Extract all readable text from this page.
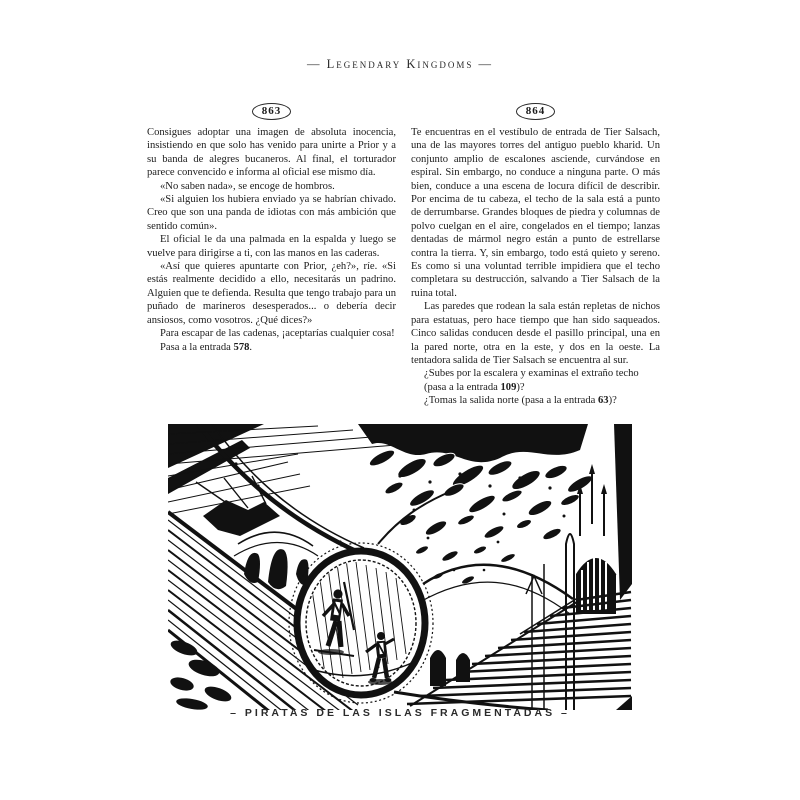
— Legendary Kingdoms —
863

Consigues adoptar una imagen de absoluta inocencia, insistiendo en que solo has venido para unirte a Prior y a su banda de alegres bucaneros. Al final, el torturador parece convencido e informa al oficial ese mismo día.

«No saben nada», se encoge de hombros.

«Si alguien los hubiera enviado ya se habrían chivado. Creo que son una panda de idiotas con más ambición que sentido común».

El oficial le da una palmada en la espalda y luego se vuelve para dirigirse a ti, con las manos en las caderas.

«Así que quieres apuntarte con Prior, ¿eh?», ríe. «Si estás realmente decidido a ello, necesitarás un padrino. Alguien que te defienda. Resulta que tengo trabajo para un puñado de marineros desesperados... o debería decir ansiosos, como vosotros. ¿Qué dices?»

Para escapar de las cadenas, ¡aceptarías cualquier cosa!

Pasa a la entrada 578.

864

Te encuentras en el vestíbulo de entrada de Tier Salsach, una de las mayores torres del antiguo pueblo kharid. Un conjunto amplio de escalones asciende, curvándose en espiral. Sin embargo, no conduce a ninguna parte. O más bien, conduce a una escena de locura difícil de describir. Por encima de tu cabeza, el techo de la sala está a punto de derrumbarse. Grandes bloques de piedra y columnas de polvo cuelgan en el aire, congelados en el tiempo; lanzas dentadas de mármol negro están a punto de estrellarse contra la tierra. Y, sin embargo, todo está quieto y sereno. Es como si una voluntad terrible impidiera que el techo completara su destrucción, salvando a Tier Salsach de la ruina total.

Las paredes que rodean la sala están repletas de nichos para estatuas, pero hace tiempo que han sido saqueados. Cinco salidas conducen desde el pasillo principal, una en la pared norte, otra en la este, y dos en la oeste. La tentadora salida de Tier Salsach se encuentra al sur.

¿Subes por la escalera y examinas el extraño techo (pasa a la entrada 109)?

¿Tomas la salida norte (pasa a la entrada 63)?

– PIRATAS DE LAS ISLAS FRAGMENTADAS –
